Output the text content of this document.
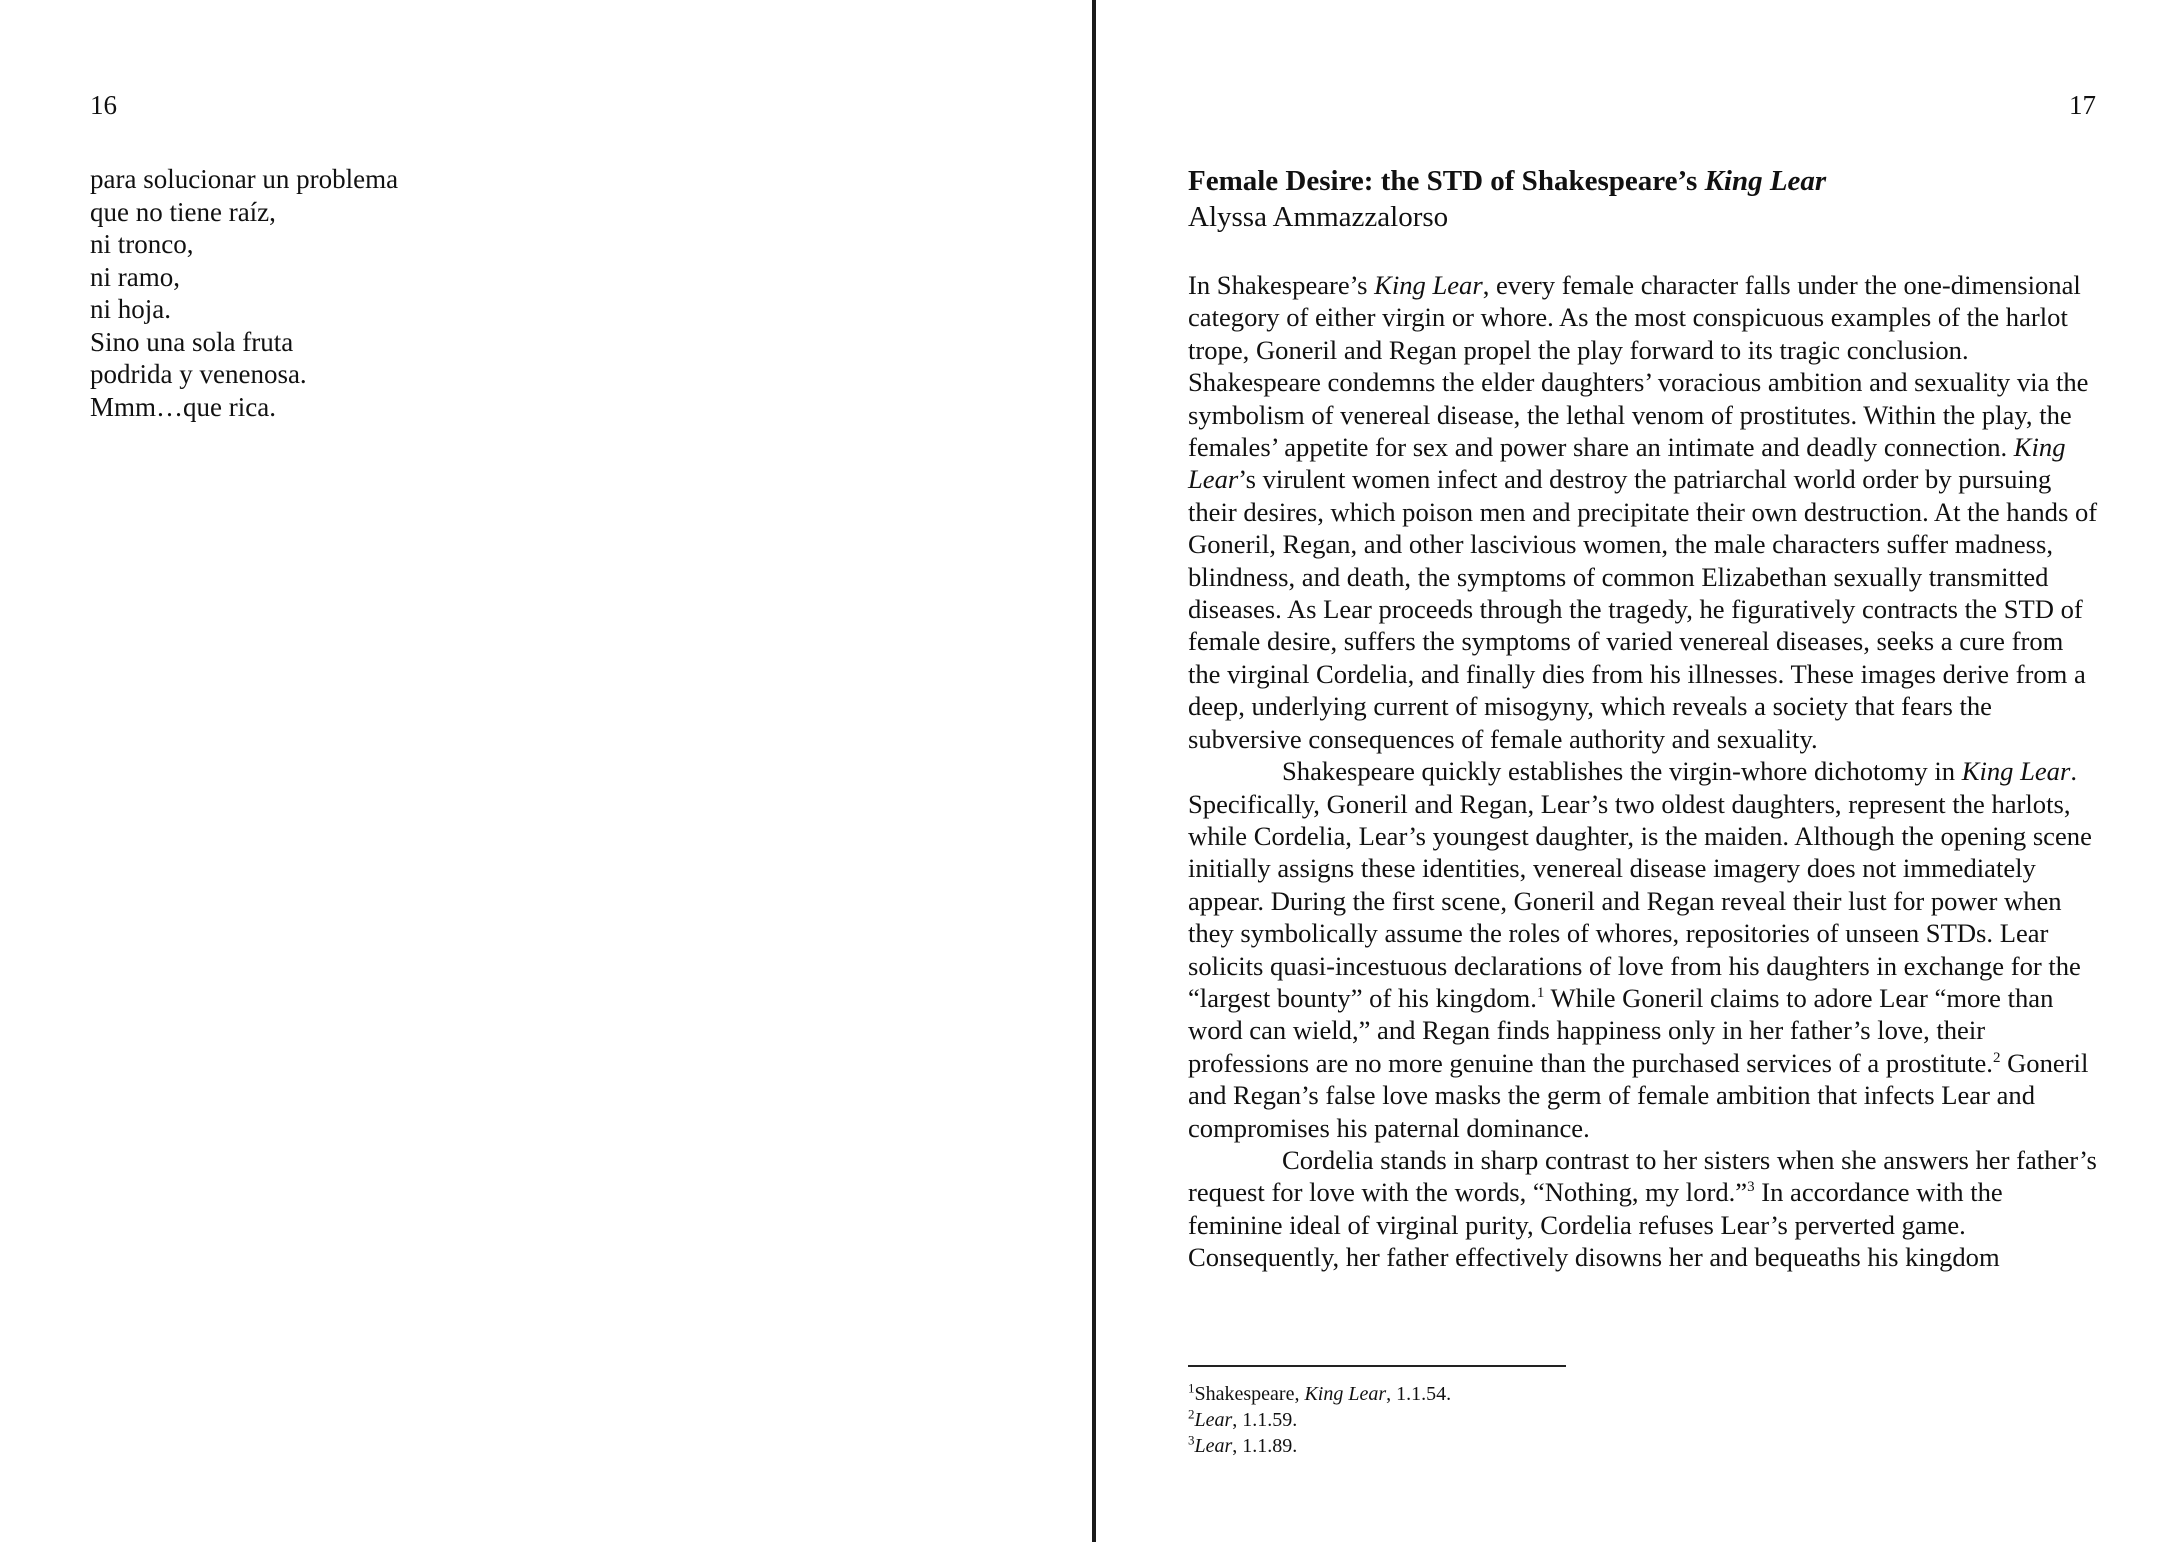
16
para solucionar un problema
que no tiene raíz,
ni tronco,
ni ramo,
ni hoja.
Sino una sola fruta
podrida y venenosa.
Mmm…que rica.
17
Female Desire: the STD of Shakespeare’s King Lear
Alyssa Ammazzalorso

In Shakespeare’s King Lear, every female character falls under the one-dimensional category of either virgin or whore. As the most conspicuous examples of the harlot trope, Goneril and Regan propel the play forward to its tragic conclusion. Shakespeare condemns the elder daughters’ voracious ambition and sexuality via the symbolism of venereal disease, the lethal venom of prostitutes. Within the play, the females’ appetite for sex and power share an intimate and deadly connection. King Lear’s virulent women infect and destroy the patriarchal world order by pursuing their desires, which poison men and precipitate their own destruction. At the hands of Goneril, Regan, and other lascivious women, the male characters suffer madness, blindness, and death, the symptoms of common Elizabethan sexually transmitted diseases. As Lear proceeds through the tragedy, he figuratively contracts the STD of female desire, suffers the symptoms of varied venereal diseases, seeks a cure from the virginal Cordelia, and finally dies from his illnesses. These images derive from a deep, underlying current of misogyny, which reveals a society that fears the subversive consequences of female authority and sexuality.

Shakespeare quickly establishes the virgin-whore dichotomy in King Lear. Specifically, Goneril and Regan, Lear’s two oldest daughters, represent the harlots, while Cordelia, Lear’s youngest daughter, is the maiden. Although the opening scene initially assigns these identities, venereal disease imagery does not immediately appear. During the first scene, Goneril and Regan reveal their lust for power when they symbolically assume the roles of whores, repositories of unseen STDs. Lear solicits quasi-incestuous declarations of love from his daughters in exchange for the “largest bounty” of his kingdom.$^1$ While Goneril claims to adore Lear “more than word can wield,” and Regan finds happiness only in her father’s love, their professions are no more genuine than the purchased services of a prostitute.$^2$ Goneril and Regan’s false love masks the germ of female ambition that infects Lear and compromises his paternal dominance.

Cordelia stands in sharp contrast to her sisters when she answers her father’s request for love with the words, “Nothing, my lord.”$^3$ In accordance with the feminine ideal of virginal purity, Cordelia refuses Lear’s perverted game. Consequently, her father effectively disowns her and bequeaths his kingdom

$^1$Shakespeare, King Lear, 1.1.54.
$^2$Lear, 1.1.59.
$^3$Lear, 1.1.89.
